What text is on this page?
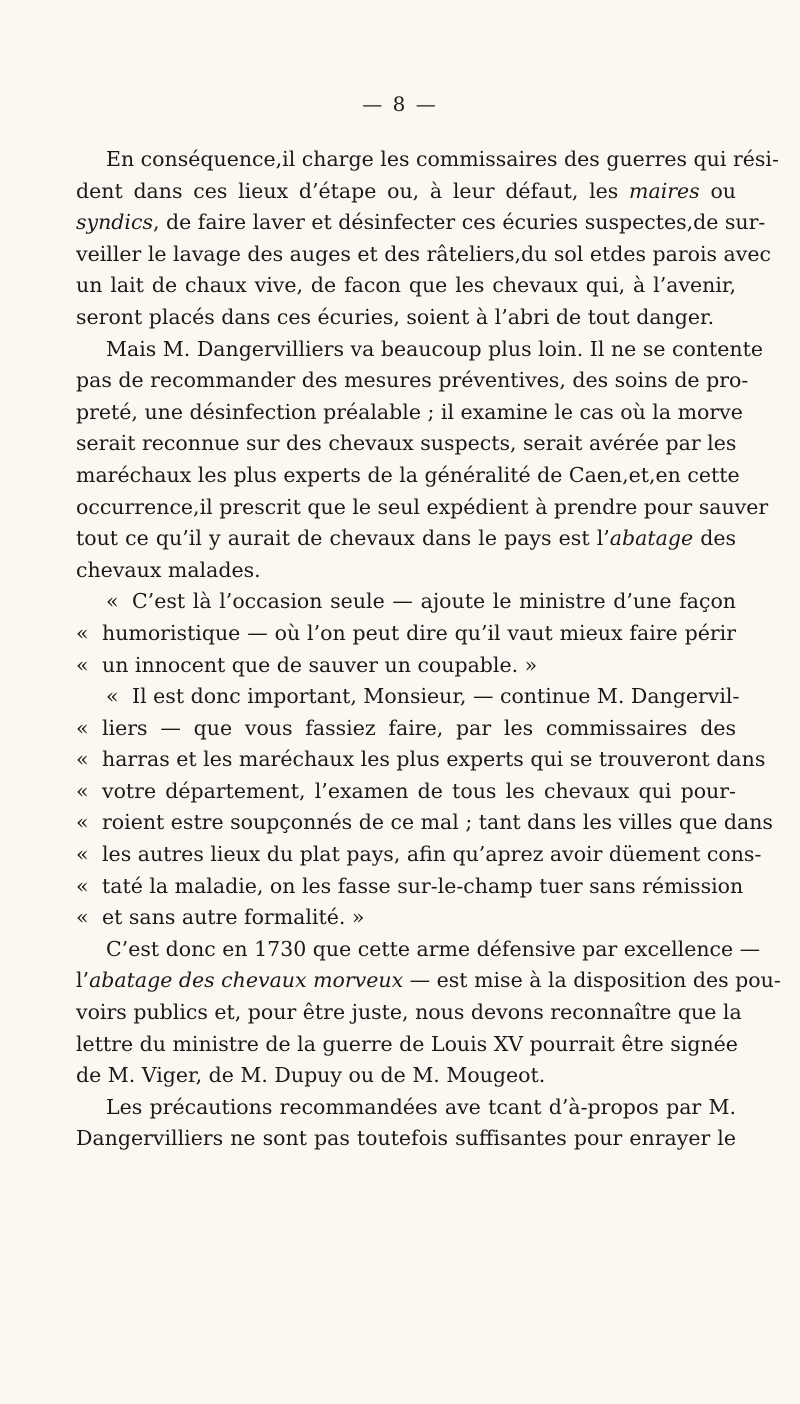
— 8 —
En conséquence,il charge les commissaires des guerres qui rési-
dent dans ces lieux d’étape ou, à leur défaut, les maires ou
syndics, de faire laver et désinfecter ces écuries suspectes,de sur-
veiller le lavage des auges et des râteliers,du sol etdes parois avec
un lait de chaux vive, de facon que les chevaux qui, à l’avenir,
seront placés dans ces écuries, soient à l’abri de tout danger.
Mais M. Dangervilliers va beaucoup plus loin. Il ne se contente
pas de recommander des mesures préventives, des soins de pro-
preté, une désinfection préalable ; il examine le cas où la morve
serait reconnue sur des chevaux suspects, serait avérée par les
maréchaux les plus experts de la généralité de Caen,et,en cette
occurrence,il prescrit que le seul expédient à prendre pour sauver
tout ce qu’il y aurait de chevaux dans le pays est l’abatage des
chevaux malades.
« C’est là l’occasion seule — ajoute le ministre d’une façon
« humoristique — où l’on peut dire qu’il vaut mieux faire périr
« un innocent que de sauver un coupable. »
« Il est donc important, Monsieur, — continue M. Dangervil-
« liers — que vous fassiez faire, par les commissaires des
« harras et les maréchaux les plus experts qui se trouveront dans
« votre département, l’examen de tous les chevaux qui pour-
« roient estre soupçonnés de ce mal ; tant dans les villes que dans
« les autres lieux du plat pays, afin qu’aprez avoir düement cons-
« taté la maladie, on les fasse sur-le-champ tuer sans rémission
« et sans autre formalité. »
C’est donc en 1730 que cette arme défensive par excellence —
l’abatage des chevaux morveux — est mise à la disposition des pou-
voirs publics et, pour être juste, nous devons reconnaître que la
lettre du ministre de la guerre de Louis XV pourrait être signée
de M. Viger, de M. Dupuy ou de M. Mougeot.
Les précautions recommandées ave tcant d’à-propos par M.
Dangervilliers ne sont pas toutefois suffisantes pour enrayer le
